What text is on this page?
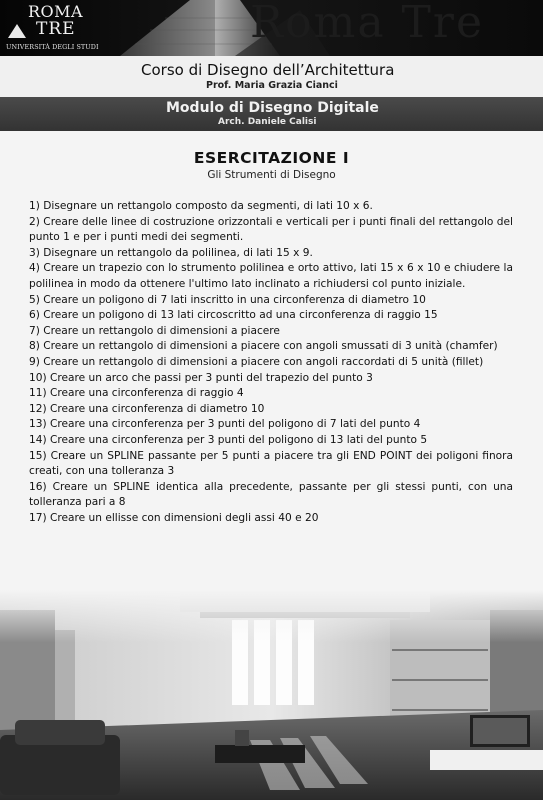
Roma Tre
ROMA
TRE
UNIVERSITÀ DEGLI STUDI
Corso di Disegno dell’Architettura
Prof. Maria Grazia Cianci
Modulo di Disegno Digitale
Arch. Daniele Calisi
ESERCITAZIONE I
Gli Strumenti di Disegno
1) Disegnare un rettangolo composto da segmenti, di lati 10 x 6.
2) Creare delle linee di costruzione orizzontali e verticali per i punti finali del rettangolo del punto 1 e per i punti medi dei segmenti.
3) Disegnare un rettangolo da polilinea, di lati 15 x 9.
4) Creare un trapezio con lo strumento polilinea e orto attivo, lati 15 x 6 x 10 e chiudere la polilinea in modo da ottenere l'ultimo lato inclinato a richiudersi col punto iniziale.
5) Creare un poligono di 7 lati inscritto in una circonferenza di diametro 10
6) Creare un poligono di 13 lati circoscritto ad una circonferenza di raggio 15
7) Creare un rettangolo di dimensioni a piacere
8) Creare un rettangolo di dimensioni a piacere con angoli smussati di 3 unità (chamfer)
9) Creare un rettangolo di dimensioni a piacere con angoli raccordati di 5 unità (fillet)
10) Creare un arco che passi per 3 punti del trapezio del punto 3
11) Creare una circonferenza di raggio 4
12) Creare una circonferenza di diametro 10
13) Creare una circonferenza per 3 punti del poligono di 7 lati del punto 4
14) Creare una circonferenza per 3 punti del poligono di 13 lati del punto 5
15) Creare un SPLINE passante per 5 punti a piacere tra gli END POINT dei poligoni finora creati, con una tolleranza 3
16) Creare un SPLINE identica alla precedente, passante per gli stessi punti, con una tolleranza pari a 8
17) Creare un ellisse con dimensioni degli assi 40 e 20
